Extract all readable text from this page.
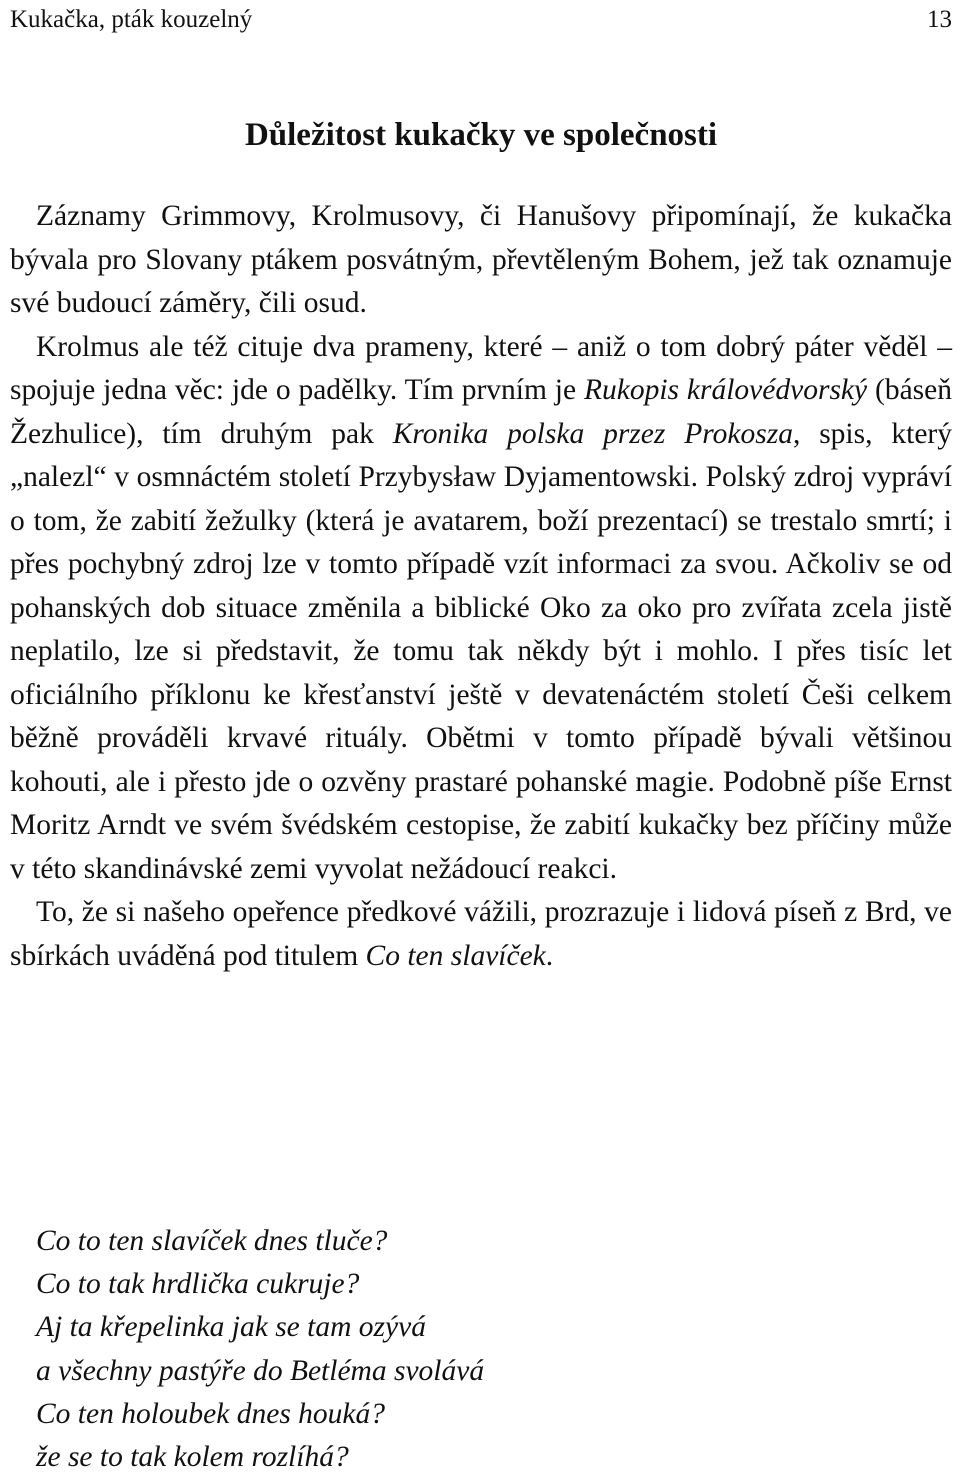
Kukačka, pták kouzelný	13
Důležitost kukačky ve společnosti

Záznamy Grimmovy, Krolmusovy, či Hanušovy připomínají, že kukačka bývala pro Slovany ptákem posvátným, převtěleným Bohem, jež tak oznamuje své budoucí záměry, čili osud.

Krolmus ale též cituje dva prameny, které – aniž o tom dobrý páter věděl – spojuje jedna věc: jde o padělky. Tím prvním je Rukopis královédvorský (báseň Žezhulice), tím druhým pak Kronika polska przez Prokosza, spis, který „nalezl“ v osmnáctém století Przybysław Dyjamentowski. Polský zdroj vypráví o tom, že zabití žežulky (která je avatarem, boží prezentací) se trestalo smrtí; i přes pochybný zdroj lze v tomto případě vzít informaci za svou. Ačkoliv se od pohanských dob situace změnila a biblické Oko za oko pro zvířata zcela jistě neplatilo, lze si představit, že tomu tak někdy být i mohlo. I přes tisíc let oficiálního příklonu ke křesťanství ještě v devatenáctém století Češi celkem běžně prováděli krvavé rituály. Obětmi v tomto případě bývali většinou kohouti, ale i přesto jde o ozvěny prastaré pohanské magie. Podobně píše Ernst Moritz Arndt ve svém švédském cestopise, že zabití kukačky bez příčiny může v této skandinávské zemi vyvolat nežádoucí reakci.

To, že si našeho opeřence předkové vážili, prozrazuje i lidová píseň z Brd, ve sbírkách uváděná pod titulem Co ten slavíček.

Co to ten slavíček dnes tluče?
Co to tak hrdlička cukruje?
Aj ta křepelinka jak se tam ozývá
a všechny pastýře do Betléma svolává
Co ten holoubek dnes houká?
že se to tak kolem rozlíhá?
